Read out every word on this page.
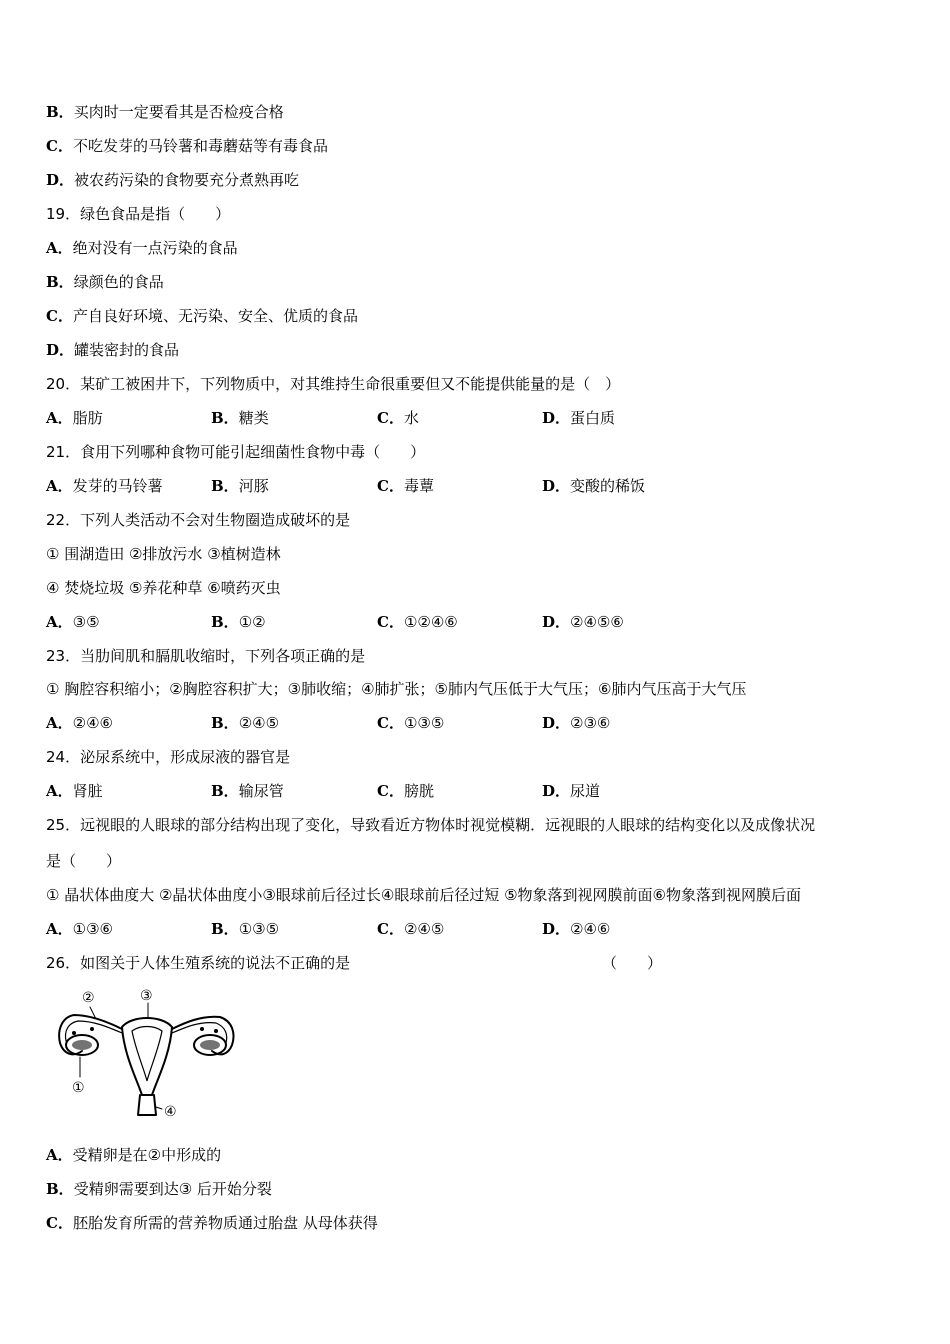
B．买肉时一定要看其是否检疫合格
C．不吃发芽的马铃薯和毒蘑菇等有毒食品
D．被农药污染的食物要充分煮熟再吃
19．绿色食品是指（　　）
A．绝对没有一点污染的食品
B．绿颜色的食品
C．产自良好环境、无污染、安全、优质的食品
D．罐装密封的食品
20．某矿工被困井下，下列物质中，对其维持生命很重要但又不能提供能量的是（　）
A．脂肪	B．糖类	C．水	D．蛋白质
21．食用下列哪种食物可能引起细菌性食物中毒（　　）
A．发芽的马铃薯	B．河豚	C．毒蕈	D．变酸的稀饭
22．下列人类活动不会对生物圈造成破坏的是
① 围湖造田 ②排放污水 ③植树造林
④ 焚烧垃圾 ⑤养花种草 ⑥喷药灭虫
A．③⑤	B．①②	C．①②④⑥	D．②④⑤⑥
23．当肋间肌和膈肌收缩时，下列各项正确的是
① 胸腔容积缩小；②胸腔容积扩大；③肺收缩；④肺扩张；⑤肺内气压低于大气压；⑥肺内气压高于大气压
A．②④⑥	B．②④⑤	C．①③⑤	D．②③⑥
24．泌尿系统中，形成尿液的器官是
A．肾脏	B．输尿管	C．膀胱	D．尿道
25．远视眼的人眼球的部分结构出现了变化，导致看近方物体时视觉模糊．远视眼的人眼球的结构变化以及成像状况
是（　　）
① 晶状体曲度大 ②晶状体曲度小③眼球前后径过长④眼球前后径过短 ⑤物象落到视网膜前面⑥物象落到视网膜后面
A．①③⑥	B．①③⑤	C．②④⑤	D．②④⑥
26．如图关于人体生殖系统的说法不正确的是	（　　）
②	③
①
④
A．受精卵是在②中形成的
B．受精卵需要到达③ 后开始分裂
C．胚胎发育所需的营养物质通过胎盘 从母体获得
